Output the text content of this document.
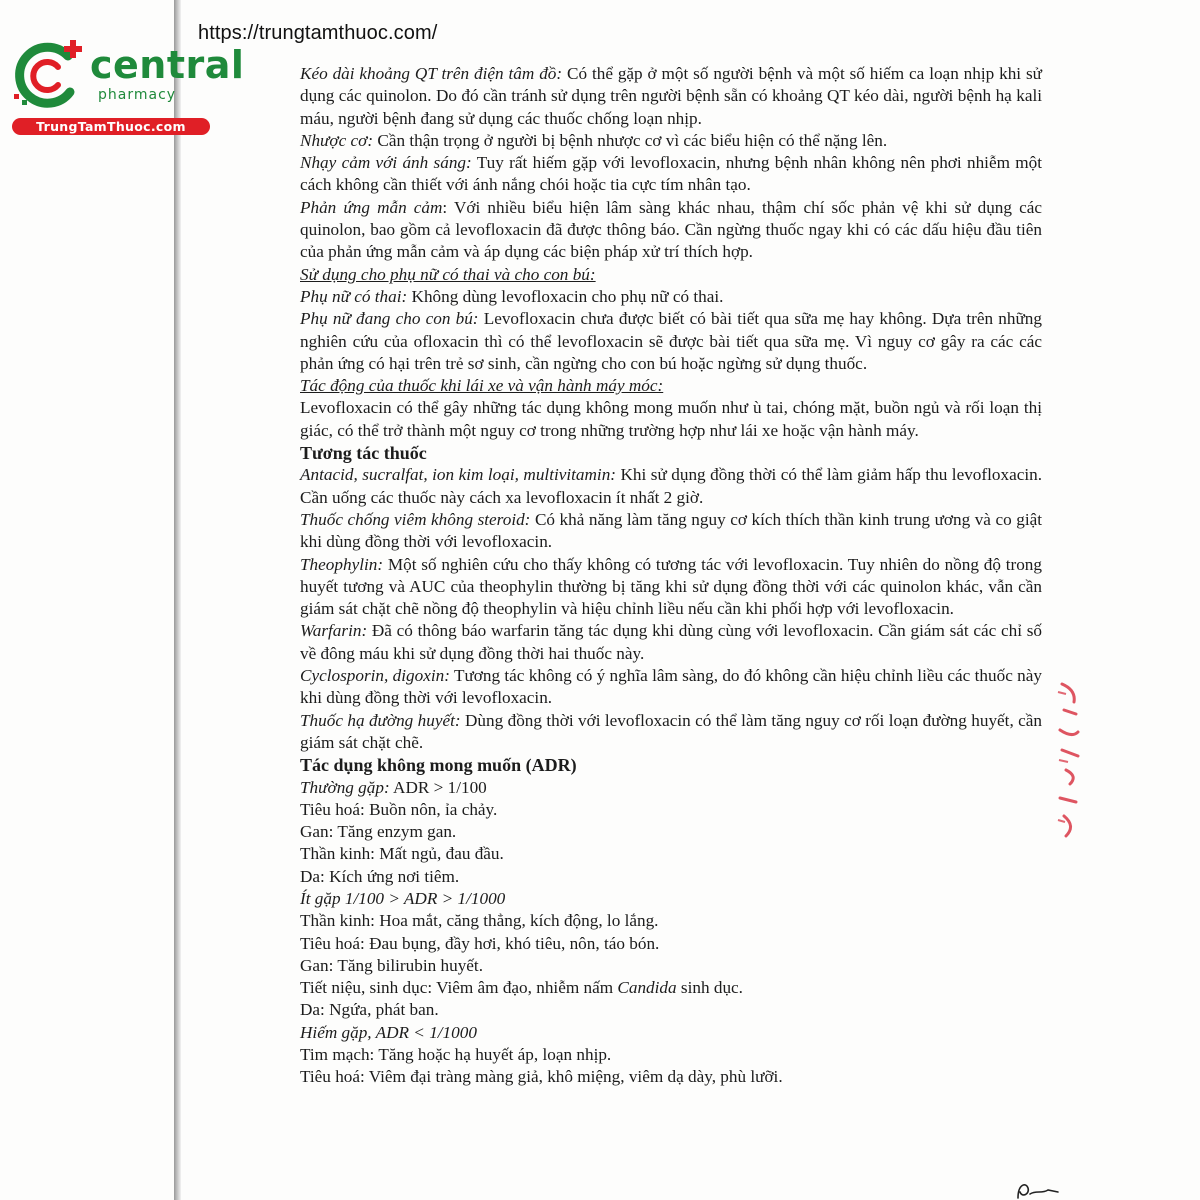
central
pharmacy
TrungTamThuoc.com
https://trungtamthuoc.com/

Kéo dài khoảng QT trên điện tâm đồ: Có thể gặp ở một số người bệnh và một số hiếm ca loạn nhịp khi sử dụng các quinolon. Do đó cần tránh sử dụng trên người bệnh sẵn có khoảng QT kéo dài, người bệnh hạ kali máu, người bệnh đang sử dụng các thuốc chống loạn nhịp.

Nhược cơ: Cần thận trọng ở người bị bệnh nhược cơ vì các biểu hiện có thể nặng lên.

Nhạy cảm với ánh sáng: Tuy rất hiếm gặp với levofloxacin, nhưng bệnh nhân không nên phơi nhiễm một cách không cần thiết với ánh nắng chói hoặc tia cực tím nhân tạo.

Phản ứng mẫn cảm: Với nhiều biểu hiện lâm sàng khác nhau, thậm chí sốc phản vệ khi sử dụng các quinolon, bao gồm cả levofloxacin đã được thông báo. Cần ngừng thuốc ngay khi có các dấu hiệu đầu tiên của phản ứng mẫn cảm và áp dụng các biện pháp xử trí thích hợp.

Sử dụng cho phụ nữ có thai và cho con bú:

Phụ nữ có thai: Không dùng levofloxacin cho phụ nữ có thai.

Phụ nữ đang cho con bú: Levofloxacin chưa được biết có bài tiết qua sữa mẹ hay không. Dựa trên những nghiên cứu của ofloxacin thì có thể levofloxacin sẽ được bài tiết qua sữa mẹ. Vì nguy cơ gây ra các các phản ứng có hại trên trẻ sơ sinh, cần ngừng cho con bú hoặc ngừng sử dụng thuốc.

Tác động của thuốc khi lái xe và vận hành máy móc:

Levofloxacin có thể gây những tác dụng không mong muốn như ù tai, chóng mặt, buồn ngủ và rối loạn thị giác, có thể trở thành một nguy cơ trong những trường hợp như lái xe hoặc vận hành máy.

Tương tác thuốc

Antacid, sucralfat, ion kim loại, multivitamin: Khi sử dụng đồng thời có thể làm giảm hấp thu levofloxacin. Cần uống các thuốc này cách xa levofloxacin ít nhất 2 giờ.

Thuốc chống viêm không steroid: Có khả năng làm tăng nguy cơ kích thích thần kinh trung ương và co giật khi dùng đồng thời với levofloxacin.

Theophylin: Một số nghiên cứu cho thấy không có tương tác với levofloxacin. Tuy nhiên do nồng độ trong huyết tương và AUC của theophylin thường bị tăng khi sử dụng đồng thời với các quinolon khác, vẫn cần giám sát chặt chẽ nồng độ theophylin và hiệu chỉnh liều nếu cần khi phối hợp với levofloxacin.

Warfarin: Đã có thông báo warfarin tăng tác dụng khi dùng cùng với levofloxacin. Cần giám sát các chỉ số về đông máu khi sử dụng đồng thời hai thuốc này.

Cyclosporin, digoxin: Tương tác không có ý nghĩa lâm sàng, do đó không cần hiệu chỉnh liều các thuốc này khi dùng đồng thời với levofloxacin.

Thuốc hạ đường huyết: Dùng đồng thời với levofloxacin có thể làm tăng nguy cơ rối loạn đường huyết, cần giám sát chặt chẽ.

Tác dụng không mong muốn (ADR)

Thường gặp: ADR > 1/100

Tiêu hoá: Buồn nôn, ỉa chảy.

Gan: Tăng enzym gan.

Thần kinh: Mất ngủ, đau đầu.

Da: Kích ứng nơi tiêm.

Ít gặp 1/100 > ADR > 1/1000

Thần kinh: Hoa mắt, căng thẳng, kích động, lo lắng.

Tiêu hoá: Đau bụng, đầy hơi, khó tiêu, nôn, táo bón.

Gan: Tăng bilirubin huyết.

Tiết niệu, sinh dục: Viêm âm đạo, nhiễm nấm Candida sinh dục.

Da: Ngứa, phát ban.

Hiếm gặp, ADR < 1/1000

Tim mạch: Tăng hoặc hạ huyết áp, loạn nhịp.

Tiêu hoá: Viêm đại tràng màng giả, khô miệng, viêm dạ dày, phù lưỡi.
